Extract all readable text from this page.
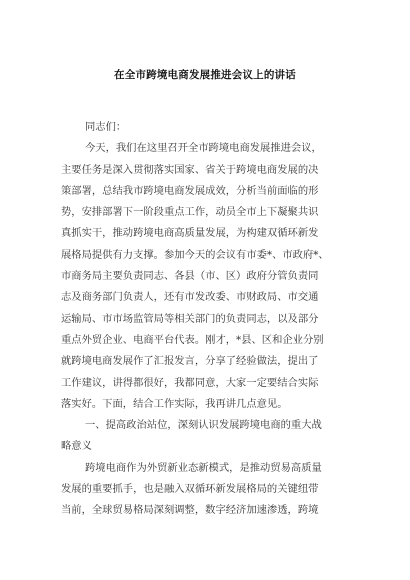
在全市跨境电商发展推进会议上的讲话
同志们：
今天，我们在这里召开全市跨境电商发展推进会议，
主要任务是深入贯彻落实国家、省关于跨境电商发展的决
策部署，总结我市跨境电商发展成效，分析当前面临的形
势，安排部署下一阶段重点工作，动员全市上下凝聚共识
真抓实干，推动跨境电商高质量发展，为构建双循环新发
展格局提供有力支撑。参加今天的会议有市委*、市政府*、
市商务局主要负责同志、各县（市、区）政府分管负责同
志及商务部门负责人，还有市发改委、市财政局、市交通
运输局、市市场监管局等相关部门的负责同志，以及部分
重点外贸企业、电商平台代表。刚才，*县、区和企业分别
就跨境电商发展作了汇报发言，分享了经验做法，提出了
工作建议，讲得都很好，我都同意，大家一定要结合实际
落实好。下面，结合工作实际，我再讲几点意见。
一、提高政治站位，深刻认识发展跨境电商的重大战
略意义
跨境电商作为外贸新业态新模式，是推动贸易高质量
发展的重要抓手，也是融入双循环新发展格局的关键纽带
当前，全球贸易格局深刻调整，数字经济加速渗透，跨境
